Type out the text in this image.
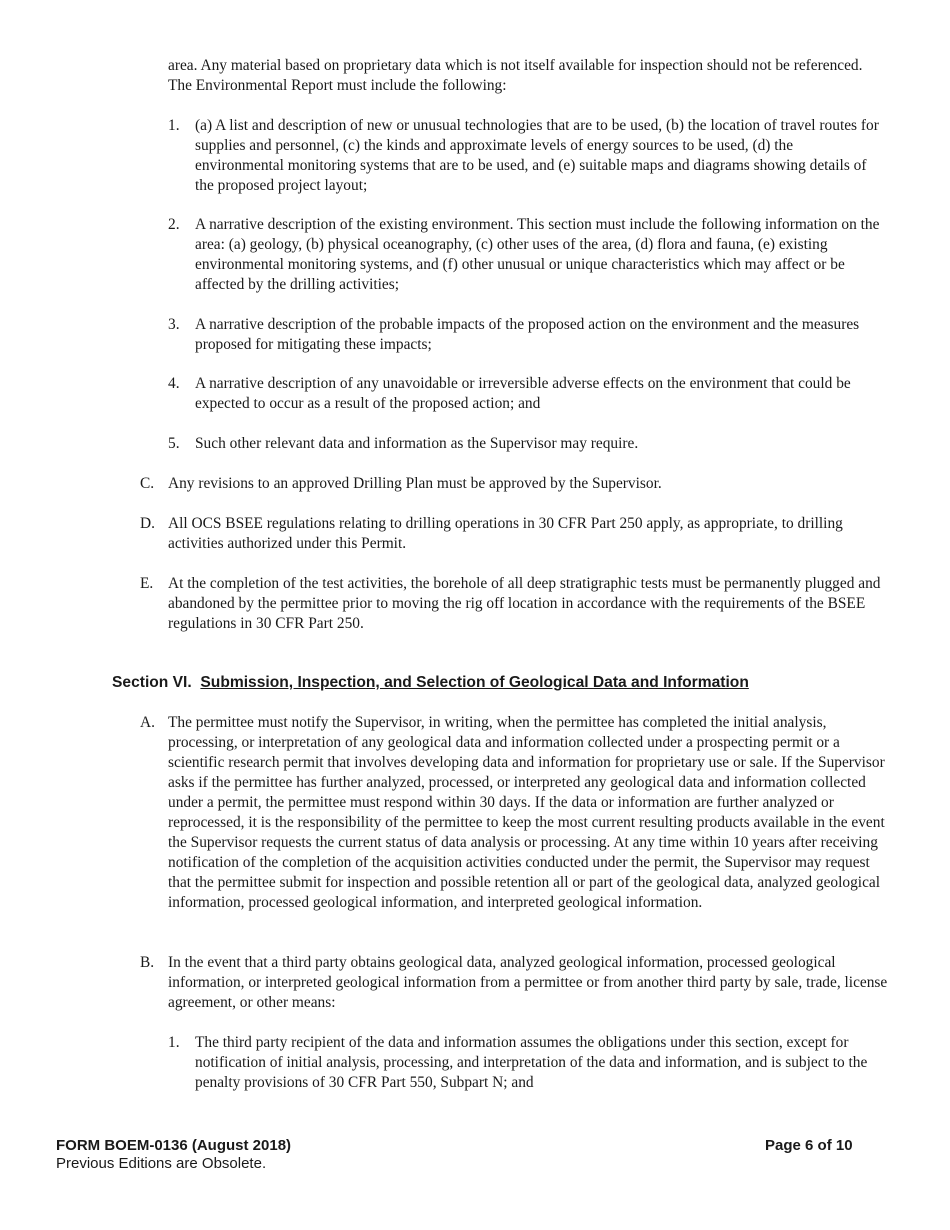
area. Any material based on proprietary data which is not itself available for inspection should not be referenced. The Environmental Report must include the following:

1. (a) A list and description of new or unusual technologies that are to be used, (b) the location of travel routes for supplies and personnel, (c) the kinds and approximate levels of energy sources to be used, (d) the environmental monitoring systems that are to be used, and (e) suitable maps and diagrams showing details of the proposed project layout;
2. A narrative description of the existing environment. This section must include the following information on the area: (a) geology, (b) physical oceanography, (c) other uses of the area, (d) flora and fauna, (e) existing environmental monitoring systems, and (f) other unusual or unique characteristics which may affect or be affected by the drilling activities;
3. A narrative description of the probable impacts of the proposed action on the environment and the measures proposed for mitigating these impacts;
4. A narrative description of any unavoidable or irreversible adverse effects on the environment that could be expected to occur as a result of the proposed action; and
5. Such other relevant data and information as the Supervisor may require.
C. Any revisions to an approved Drilling Plan must be approved by the Supervisor.
D. All OCS BSEE regulations relating to drilling operations in 30 CFR Part 250 apply, as appropriate, to drilling activities authorized under this Permit.
E. At the completion of the test activities, the borehole of all deep stratigraphic tests must be permanently plugged and abandoned by the permittee prior to moving the rig off location in accordance with the requirements of the BSEE regulations in 30 CFR Part 250.
Section VI. Submission, Inspection, and Selection of Geological Data and Information
A. The permittee must notify the Supervisor, in writing, when the permittee has completed the initial analysis, processing, or interpretation of any geological data and information collected under a prospecting permit or a scientific research permit that involves developing data and information for proprietary use or sale. If the Supervisor asks if the permittee has further analyzed, processed, or interpreted any geological data and information collected under a permit, the permittee must respond within 30 days. If the data or information are further analyzed or reprocessed, it is the responsibility of the permittee to keep the most current resulting products available in the event the Supervisor requests the current status of data analysis or processing. At any time within 10 years after receiving notification of the completion of the acquisition activities conducted under the permit, the Supervisor may request that the permittee submit for inspection and possible retention all or part of the geological data, analyzed geological information, processed geological information, and interpreted geological information.
B. In the event that a third party obtains geological data, analyzed geological information, processed geological information, or interpreted geological information from a permittee or from another third party by sale, trade, license agreement, or other means:
1. The third party recipient of the data and information assumes the obligations under this section, except for notification of initial analysis, processing, and interpretation of the data and information, and is subject to the penalty provisions of 30 CFR Part 550, Subpart N; and
FORM BOEM-0136 (August 2018)
Previous Editions are Obsolete.
Page 6 of 10
